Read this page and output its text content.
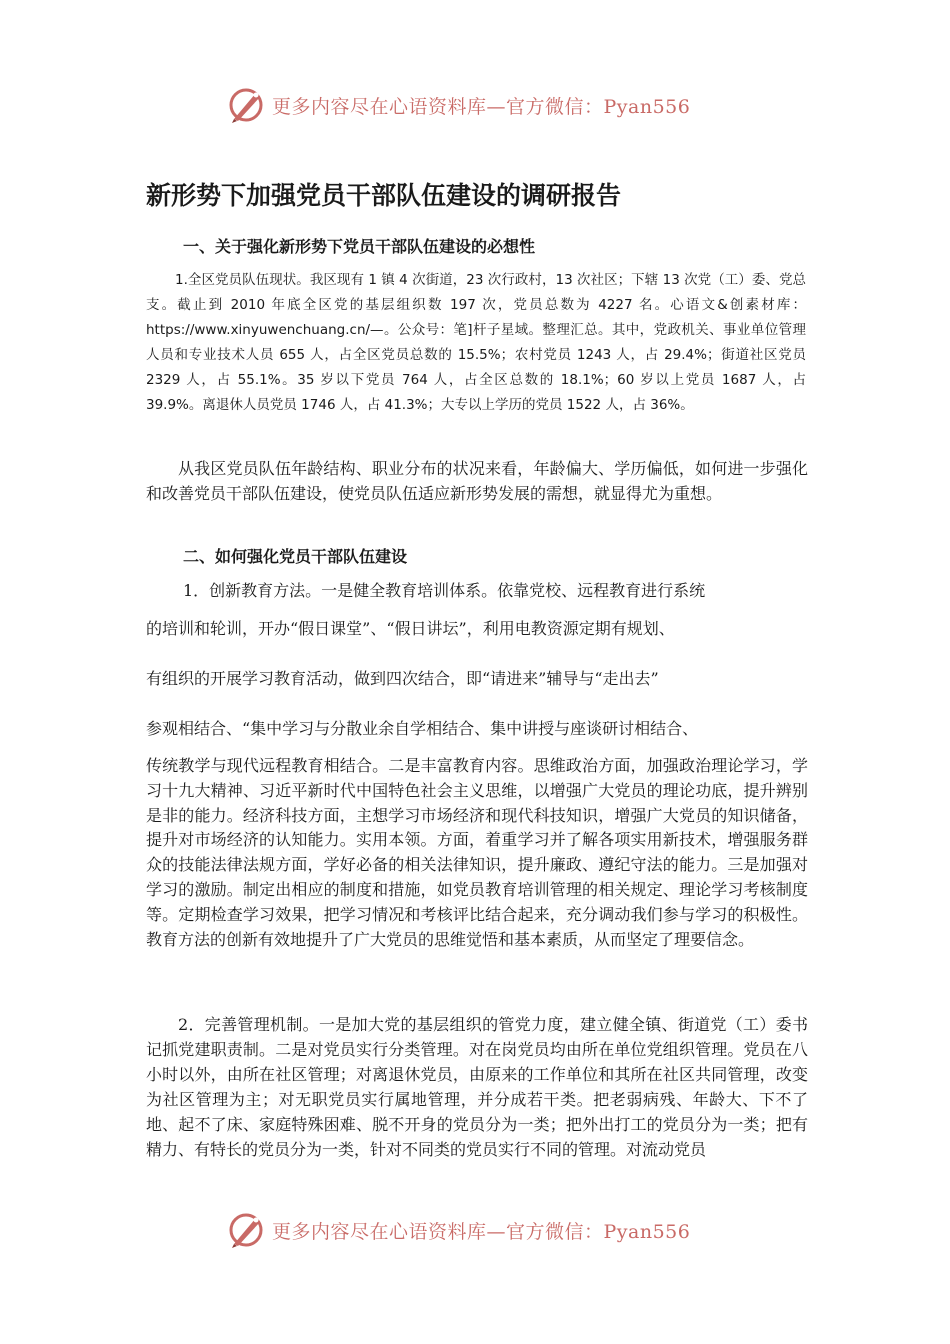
更多内容尽在心语资料库—官方微信：Pyan556
新形势下加强党员干部队伍建设的调研报告
一、关于强化新形势下党员干部队伍建设的必想性

1.全区党员队伍现状。我区现有 1 镇 4 次街道，23 次行政村，13 次社区；下辖 13 次党（工）委、党总支。截止到 2010 年底全区党的基层组织数 197 次，党员总数为 4227 名。心语文&创素材库：https://www.xinyuwenchuang.cn/—。公众号：笔]杆子星域。整理汇总。其中，党政机关、事业单位管理人员和专业技术人员 655 人，占全区党员总数的 15.5%；农村党员 1243 人，占 29.4%；街道社区党员 2329 人，占 55.1%。35 岁以下党员 764 人，占全区总数的 18.1%；60 岁以上党员 1687 人，占 39.9%。离退休人员党员 1746 人，占 41.3%；大专以上学历的党员 1522 人，占 36%。

从我区党员队伍年龄结构、职业分布的状况来看，年龄偏大、学历偏低，如何进一步强化和改善党员干部队伍建设，使党员队伍适应新形势发展的需想，就显得尤为重想。

二、如何强化党员干部队伍建设
1．创新教育方法。一是健全教育培训体系。依靠党校、远程教育进行系统
的培训和轮训，开办“假日课堂”、“假日讲坛”，利用电教资源定期有规划、
有组织的开展学习教育活动，做到四次结合，即“请进来”辅导与“走出去”
参观相结合、“集中学习与分散业余自学相结合、集中讲授与座谈研讨相结合、

传统教学与现代远程教育相结合。二是丰富教育内容。思维政治方面，加强政治理论学习，学习十九大精神、习近平新时代中国特色社会主义思维，以增强广大党员的理论功底，提升辨别是非的能力。经济科技方面，主想学习市场经济和现代科技知识，增强广大党员的知识储备，提升对市场经济的认知能力。实用本领。方面，着重学习并了解各项实用新技术，增强服务群众的技能法律法规方面，学好必备的相关法律知识，提升廉政、遵纪守法的能力。三是加强对学习的激励。制定出相应的制度和措施，如党员教育培训管理的相关规定、理论学习考核制度等。定期检查学习效果，把学习情况和考核评比结合起来，充分调动我们参与学习的积极性。教育方法的创新有效地提升了广大党员的思维觉悟和基本素质，从而坚定了理要信念。

2．完善管理机制。一是加大党的基层组织的管党力度，建立健全镇、街道党（工）委书记抓党建职责制。二是对党员实行分类管理。对在岗党员均由所在单位党组织管理。党员在八小时以外，由所在社区管理；对离退休党员，由原来的工作单位和其所在社区共同管理，改变为社区管理为主；对无职党员实行属地管理，并分成若干类。把老弱病残、年龄大、下不了地、起不了床、家庭特殊困难、脱不开身的党员分为一类；把外出打工的党员分为一类；把有精力、有特长的党员分为一类，针对不同类的党员实行不同的管理。对流动党员

更多内容尽在心语资料库—官方微信：Pyan556
